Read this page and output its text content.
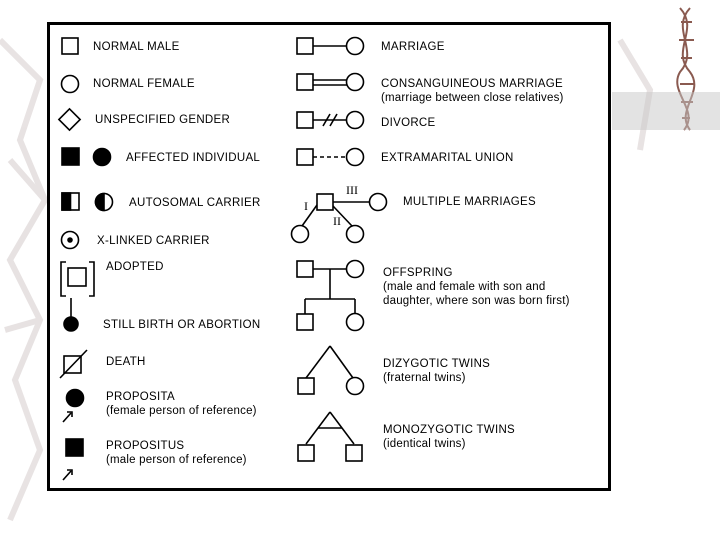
I
II
III
NORMAL MALE
NORMAL FEMALE
UNSPECIFIED GENDER
AFFECTED INDIVIDUAL
AUTOSOMAL CARRIER
X-LINKED CARRIER
ADOPTED
STILL BIRTH OR ABORTION
DEATH
PROPOSITA
(female person of reference)
PROPOSITUS
(male person of reference)
MARRIAGE
CONSANGUINEOUS MARRIAGE
(marriage between close relatives)
DIVORCE
EXTRAMARITAL UNION
MULTIPLE MARRIAGES
OFFSPRING
(male and female with son and daughter, where son was born first)
DIZYGOTIC TWINS
(fraternal twins)
MONOZYGOTIC TWINS
(identical twins)
